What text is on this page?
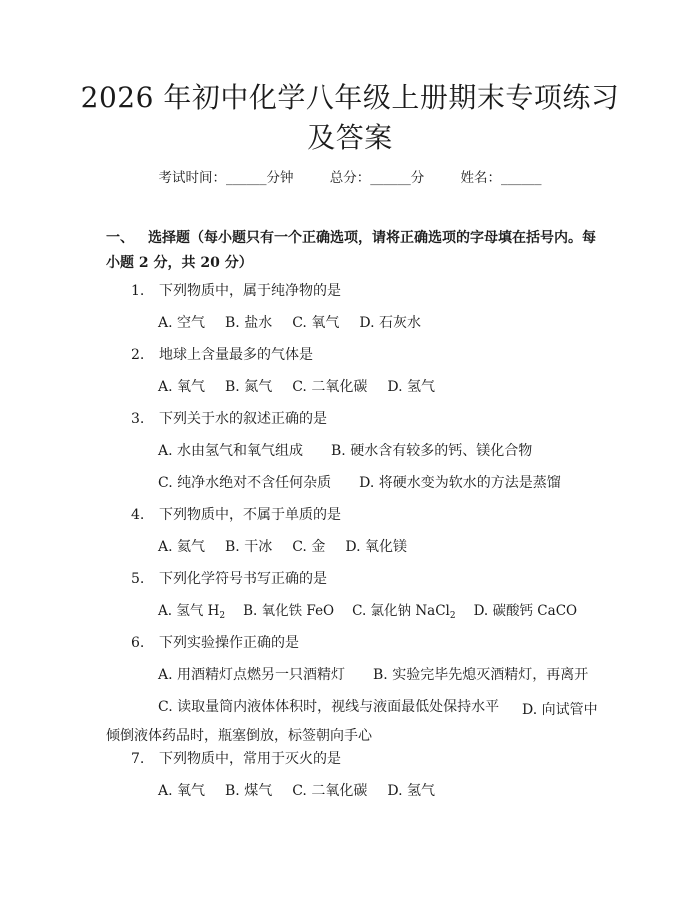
2026 年初中化学八年级上册期末专项练习及答案
考试时间：______分钟	总分：______分	姓名：______
一、 选择题（每小题只有一个正确选项，请将正确选项的字母填在括号内。每小题 2 分，共 20 分）
1. 下列物质中，属于纯净物的是
A. 空气 B. 盐水 C. 氧气 D. 石灰水
2. 地球上含量最多的气体是
A. 氧气 B. 氮气 C. 二氧化碳 D. 氢气
3. 下列关于水的叙述正确的是
A. 水由氢气和氧气组成 B. 硬水含有较多的钙、镁化合物
C. 纯净水绝对不含任何杂质 D. 将硬水变为软水的方法是蒸馏
4. 下列物质中，不属于单质的是
A. 氦气 B. 干冰 C. 金 D. 氧化镁
5. 下列化学符号书写正确的是
A. 氢气 $H_2$ B. 氧化铁 FeO C. 氯化钠 NaCl$_2$ D. 碳酸钙 CaCO
6. 下列实验操作正确的是
A. 用酒精灯点燃另一只酒精灯 B. 实验完毕先熄灭酒精灯，再离开
C. 读取量筒内液体体积时，视线与液面最低处保持水平	D. 向试管中倾倒液体药品时，瓶塞倒放，标签朝向手心
7. 下列物质中，常用于灭火的是
A. 氧气 B. 煤气 C. 二氧化碳 D. 氢气
